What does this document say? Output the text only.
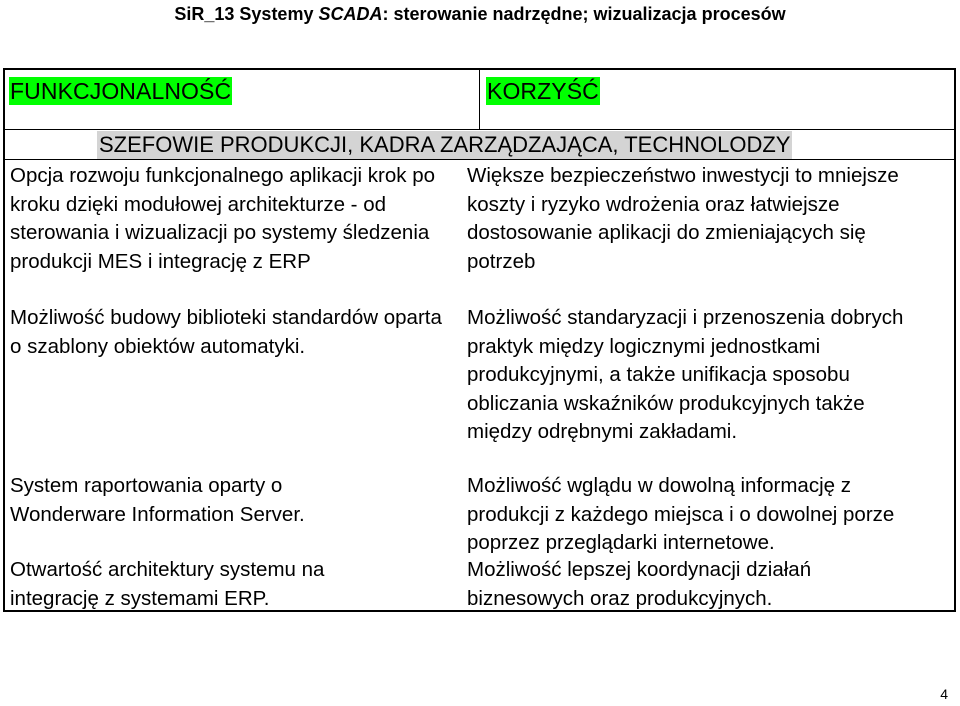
SiR_13 Systemy SCADA: sterowanie nadrzędne; wizualizacja procesów
FUNKCJONALNOŚĆ	KORZYŚĆ
SZEFOWIE PRODUKCJI, KADRA ZARZĄDZAJĄCA, TECHNOLODZY

Opcja rozwoju funkcjonalnego aplikacji krok po kroku dzięki modułowej architekturze - od sterowania i wizualizacji po systemy śledzenia produkcji MES i integrację z ERP

Możliwość budowy biblioteki standardów oparta o szablony obiektów automatyki.

System raportowania oparty o Wonderware Information Server.

Otwartość architektury systemu na integrację z systemami ERP.

Większe bezpieczeństwo inwestycji to mniejsze koszty i ryzyko wdrożenia oraz łatwiejsze dostosowanie aplikacji do zmieniających się potrzeb

Możliwość standaryzacji i przenoszenia dobrych praktyk między logicznymi jednostkami produkcyjnymi, a także unifikacja sposobu obliczania wskaźników produkcyjnych także między odrębnymi zakładami.

Możliwość wglądu w dowolną informację z produkcji z każdego miejsca i o dowolnej porze poprzez przeglądarki internetowe.

Możliwość lepszej koordynacji działań biznesowych oraz produkcyjnych.

4
